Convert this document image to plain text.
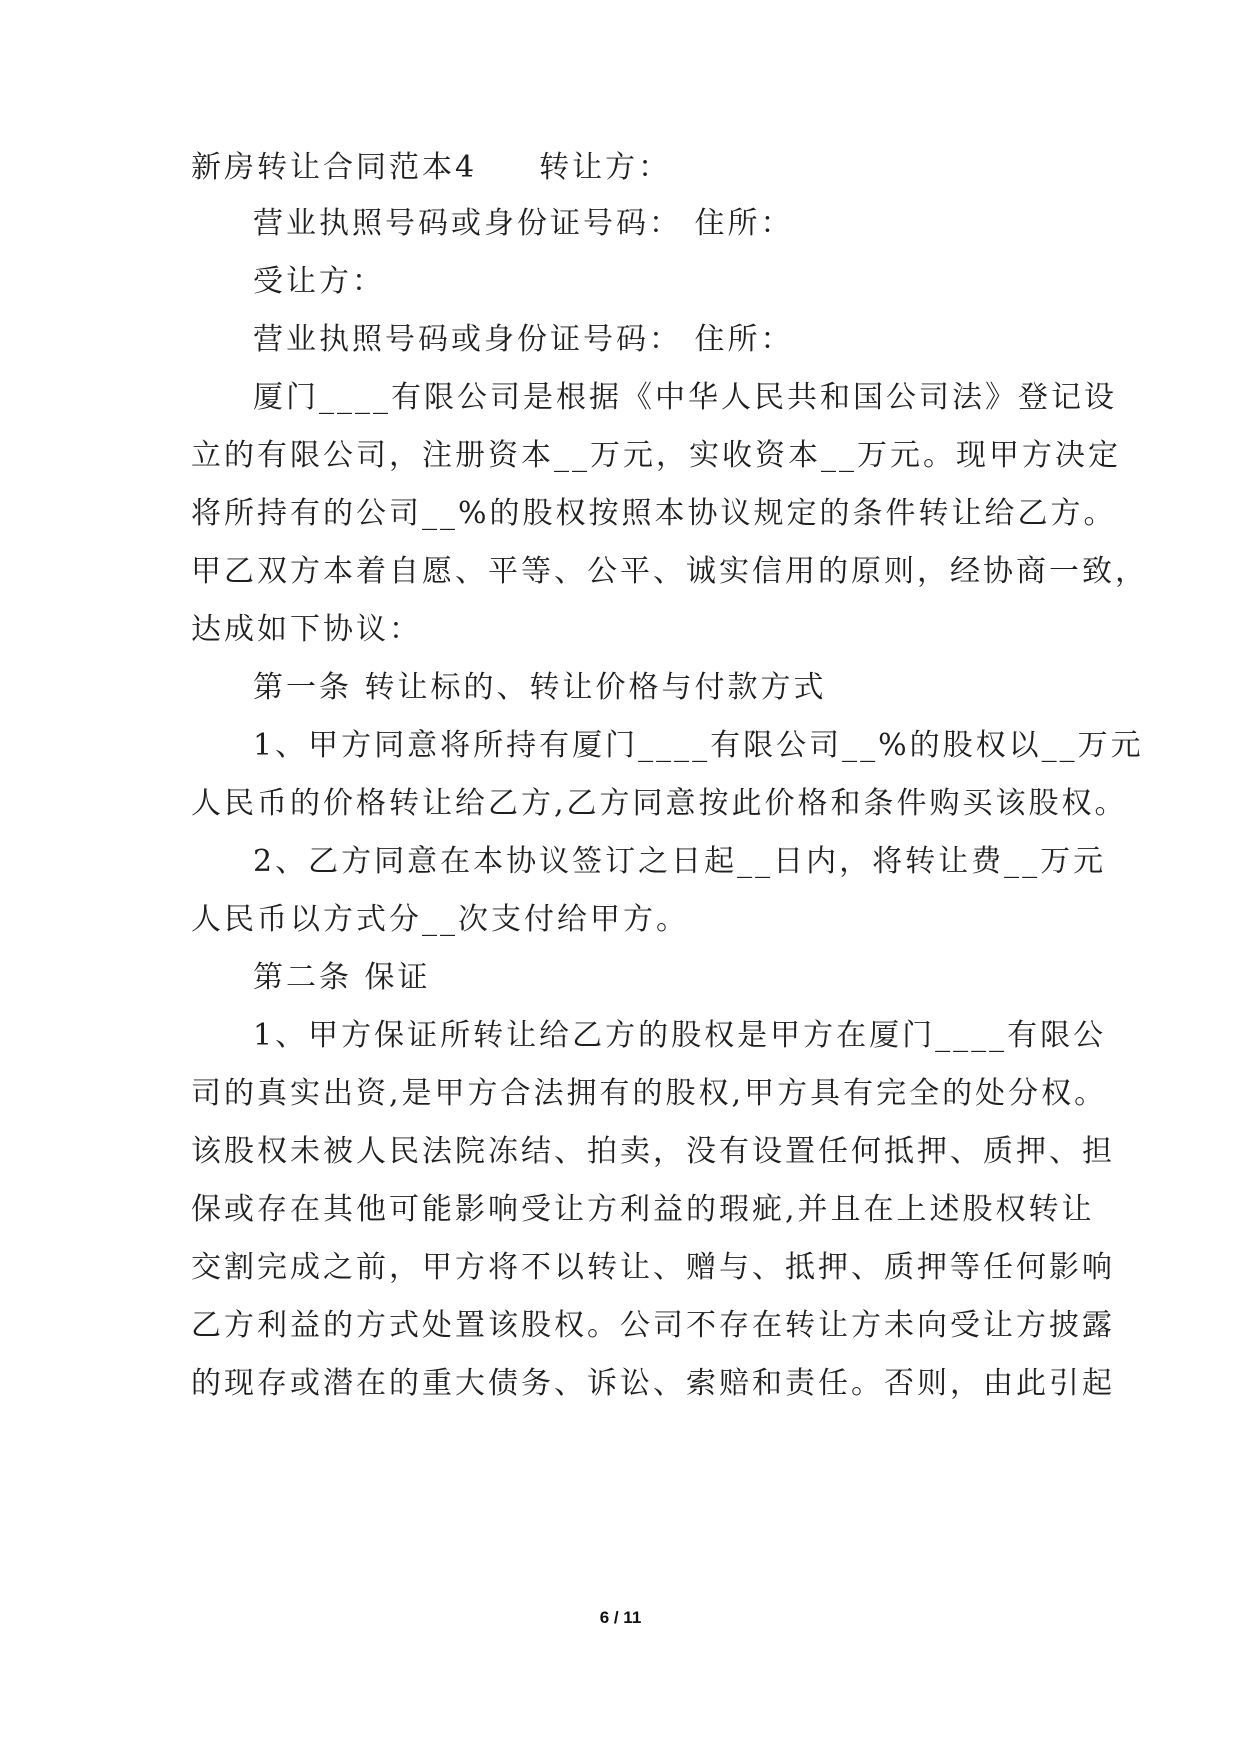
新房转让合同范本4 转让方：
营业执照号码或身份证号码： 住所：
受让方：
营业执照号码或身份证号码： 住所：
厦门____有限公司是根据《中华人民共和国公司法》登记设
立的有限公司，注册资本__万元，实收资本__万元。现甲方决定
将所持有的公司__%的股权按照本协议规定的条件转让给乙方。
甲乙双方本着自愿、平等、公平、诚实信用的原则，经协商一致，
达成如下协议：
第一条 转让标的、转让价格与付款方式
1、甲方同意将所持有厦门____有限公司__%的股权以__万元
人民币的价格转让给乙方,乙方同意按此价格和条件购买该股权。
2、乙方同意在本协议签订之日起__日内，将转让费__万元
人民币以方式分__次支付给甲方。
第二条 保证
1、甲方保证所转让给乙方的股权是甲方在厦门____有限公
司的真实出资,是甲方合法拥有的股权,甲方具有完全的处分权。
该股权未被人民法院冻结、拍卖，没有设置任何抵押、质押、担
保或存在其他可能影响受让方利益的瑕疵,并且在上述股权转让
交割完成之前，甲方将不以转让、赠与、抵押、质押等任何影响
乙方利益的方式处置该股权。公司不存在转让方未向受让方披露
的现存或潜在的重大债务、诉讼、索赔和责任。否则，由此引起
6 / 11
